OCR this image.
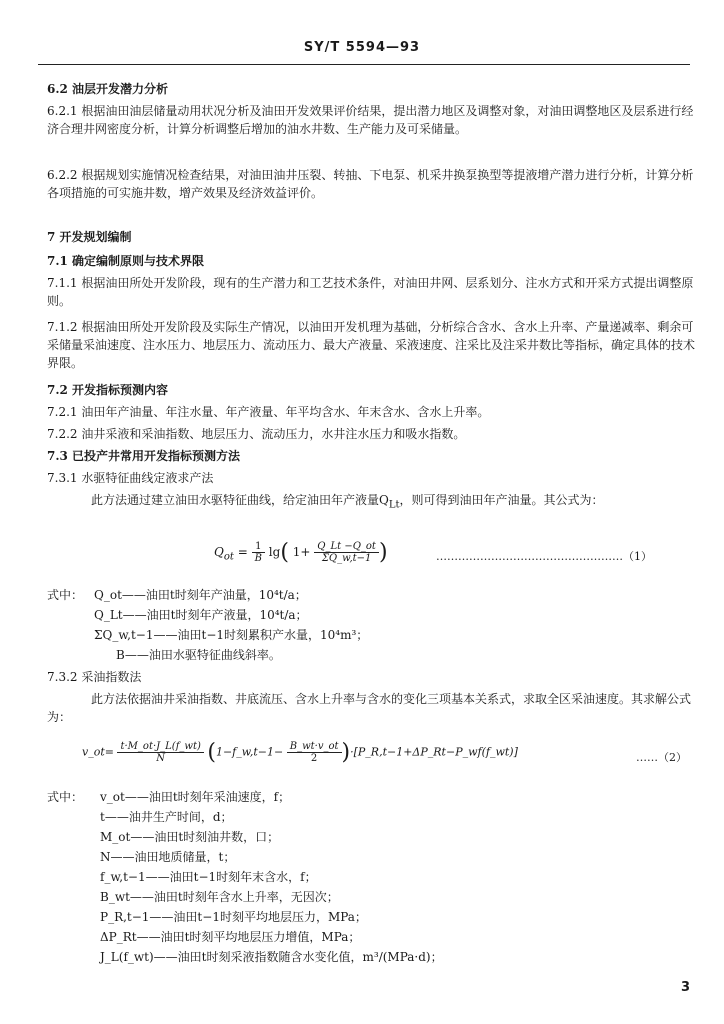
SY/T 5594—93
6.2 油层开发潜力分析
6.2.1 根据油田油层储量动用状况分析及油田开发效果评价结果，提出潜力地区及调整对象，对油田调整地区及层系进行经济合理井网密度分析，计算分析调整后增加的油水井数、生产能力及可采储量。
6.2.2 根据规划实施情况检查结果，对油田油井压裂、转抽、下电泵、机采井换泵换型等提液增产潜力进行分析，计算分析各项措施的可实施井数，增产效果及经济效益评价。
7 开发规划编制
7.1 确定编制原则与技术界限
7.1.1 根据油田所处开发阶段，现有的生产潜力和工艺技术条件，对油田井网、层系划分、注水方式和开采方式提出调整原则。
7.1.2 根据油田所处开发阶段及实际生产情况，以油田开发机理为基础，分析综合含水、含水上升率、产量递减率、剩余可采储量采油速度、注水压力、地层压力、流动压力、最大产液量、采液速度、注采比及注采井数比等指标，确定具体的技术界限。
7.2 开发指标预测内容
7.2.1 油田年产油量、年注水量、年产液量、年平均含水、年末含水、含水上升率。
7.2.2 油井采液和采油指数、地层压力、流动压力，水井注水压力和吸水指数。
7.3 已投产井常用开发指标预测方法
7.3.1 水驱特征曲线定液求产法
此方法通过建立油田水驱特征曲线，给定油田年产液量$Q_{Lt}$，则可得到油田年产油量。其公式为：
$Q_{ot} = \frac{1}{B} \lg$( $1+ \frac{Q\_Lt -Q\_ot}{\Sigma Q\_w,t-1}$ )	……………………………………………（1）
式中： Q_ot——油田t时刻年产油量，10⁴t/a；
Q_Lt——油田t时刻年产液量，10⁴t/a；
ΣQ_w,t−1——油田t−1时刻累积产水量，10⁴m³；
B——油田水驱特征曲线斜率。
7.3.2 采油指数法
此方法依据油井采油指数、井底流压、含水上升率与含水的变化三项基本关系式，求取全区采油速度。其求解公式为：
v_ot= $\frac{t\cdot M\_ot\cdot J\_L(f\_wt)}{N}$ (1−f_w,t−1− $\frac{B\_wt\cdot v\_ot}{2}$ )·[P_R,t−1+ΔP_Rt−P_wf(f_wt)]	……（2）
式中： v_ot——油田t时刻年采油速度，f；
t——油井生产时间，d；
M_ot——油田t时刻油井数，口；
N——油田地质储量，t；
f_w,t−1——油田t−1时刻年末含水，f；
B_wt——油田t时刻年含水上升率，无因次；
P_R,t−1——油田t−1时刻平均地层压力，MPa；
ΔP_Rt——油田t时刻平均地层压力增值，MPa；
J_L(f_wt)——油田t时刻采液指数随含水变化值，m³/(MPa·d)；
3
